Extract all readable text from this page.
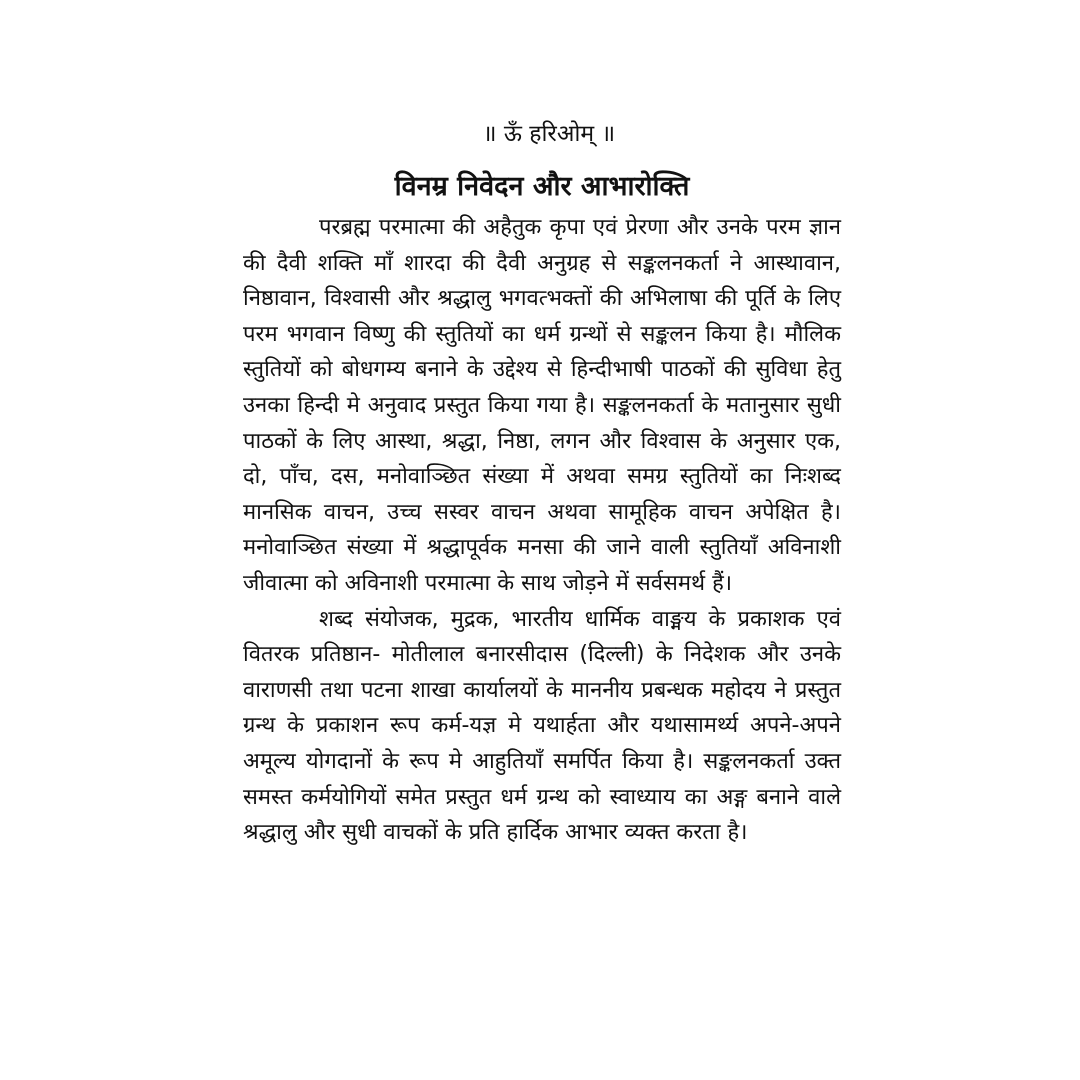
॥ ऊँ हरिओम् ॥
विनम्र निवेदन और आभारोक्ति

परब्रह्म परमात्मा की अहैतुक कृपा एवं प्रेरणा और उनके परम ज्ञान की दैवी शक्ति माँ शारदा की दैवी अनुग्रह से सङ्कलनकर्ता ने आस्थावान, निष्ठावान, विश्वासी और श्रद्धालु भगवत्भक्तों की अभिलाषा की पूर्ति के लिए परम भगवान विष्णु की स्तुतियों का धर्म ग्रन्थों से सङ्कलन किया है। मौलिक स्तुतियों को बोधगम्य बनाने के उद्देश्य से हिन्दीभाषी पाठकों की सुविधा हेतु उनका हिन्दी मे अनुवाद प्रस्तुत किया गया है। सङ्कलनकर्ता के मतानुसार सुधी पाठकों के लिए आस्था, श्रद्धा, निष्ठा, लगन और विश्वास के अनुसार एक, दो, पाँच, दस, मनोवाञ्छित संख्या में अथवा समग्र स्तुतियों का निःशब्द मानसिक वाचन, उच्च सस्वर वाचन अथवा सामूहिक वाचन अपेक्षित है। मनोवाञ्छित संख्या में श्रद्धापूर्वक मनसा की जाने वाली स्तुतियाँ अविनाशी जीवात्मा को अविनाशी परमात्मा के साथ जोड़ने में सर्वसमर्थ हैं।

शब्द संयोजक, मुद्रक, भारतीय धार्मिक वाङ्मय के प्रकाशक एवं वितरक प्रतिष्ठान- मोतीलाल बनारसीदास (दिल्ली) के निदेशक और उनके वाराणसी तथा पटना शाखा कार्यालयों के माननीय प्रबन्धक महोदय ने प्रस्तुत ग्रन्थ के प्रकाशन रूप कर्म-यज्ञ मे यथार्हता और यथासामर्थ्य अपने-अपने अमूल्य योगदानों के रूप मे आहुतियाँ समर्पित किया है। सङ्कलनकर्ता उक्त समस्त कर्मयोगियों समेत प्रस्तुत धर्म ग्रन्थ को स्वाध्याय का अङ्ग बनाने वाले श्रद्धालु और सुधी वाचकों के प्रति हार्दिक आभार व्यक्त करता है।
